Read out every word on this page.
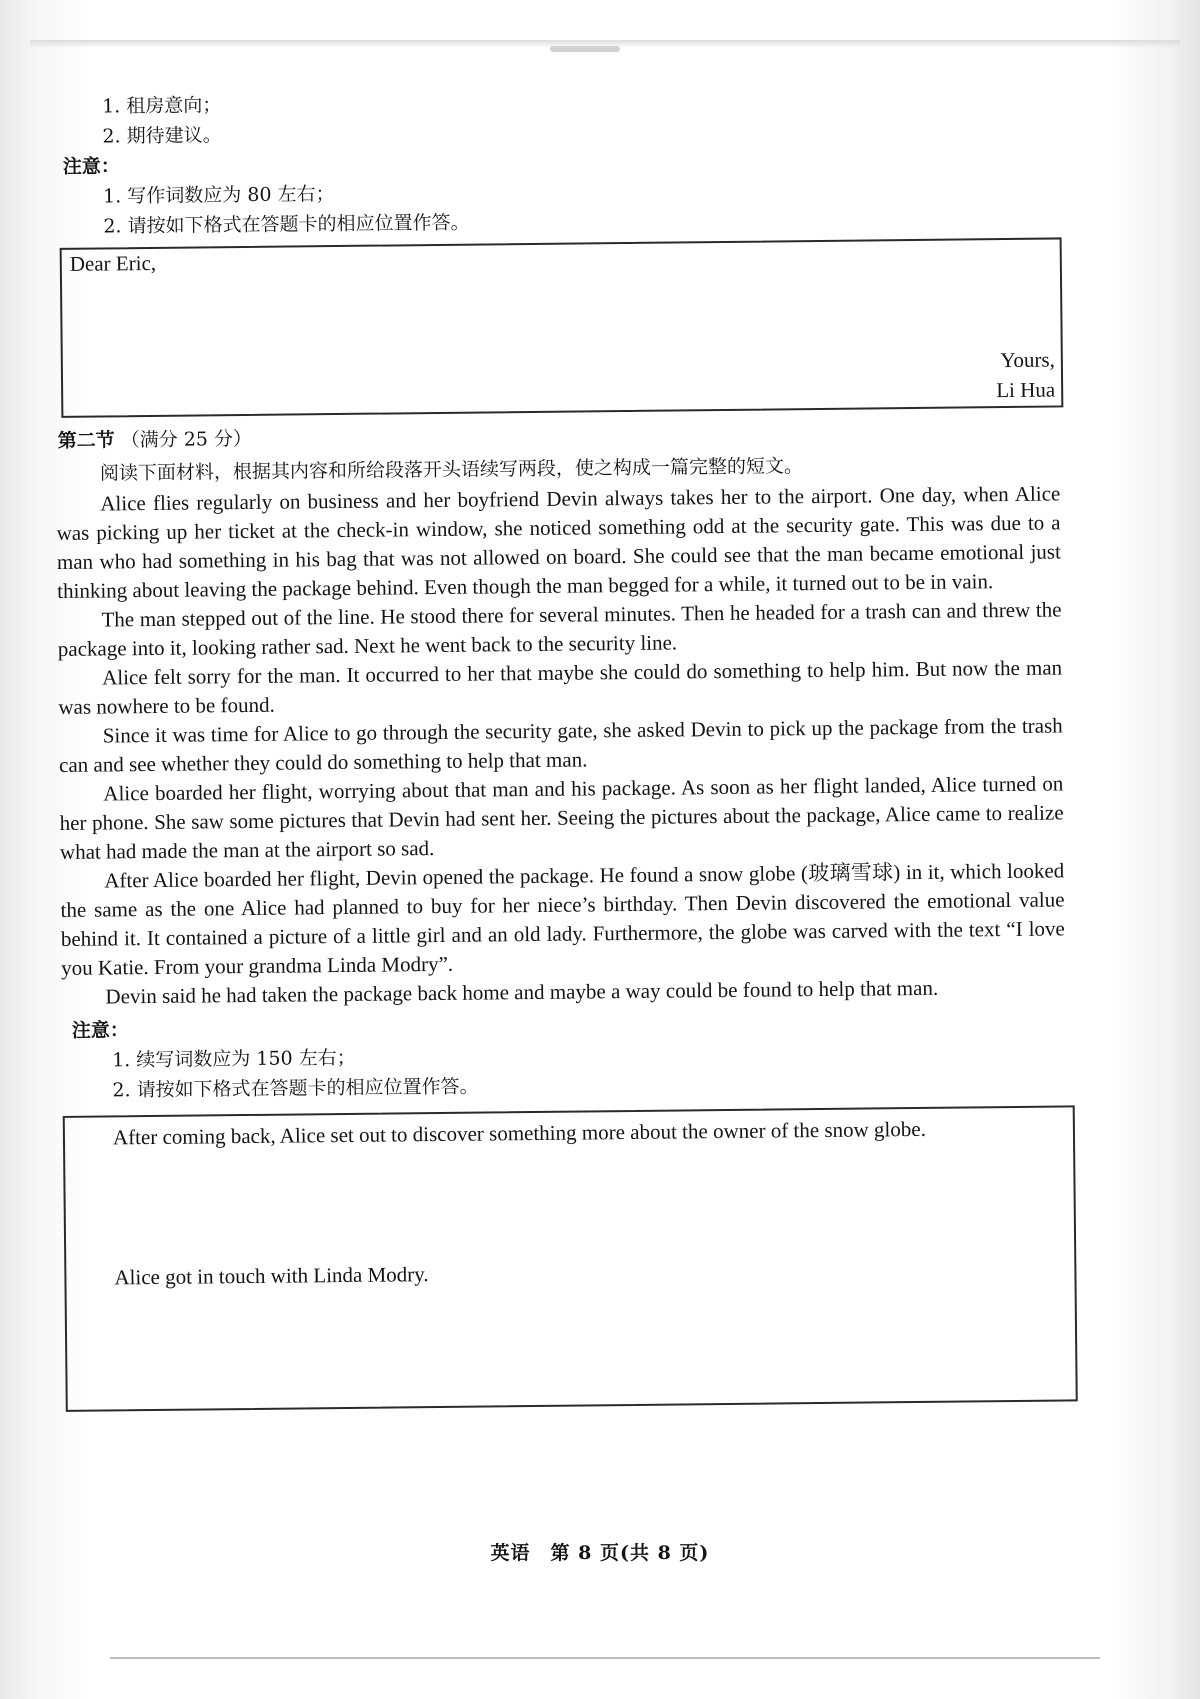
1. 租房意向；
2. 期待建议。
注意：
1. 写作词数应为 80 左右；
2. 请按如下格式在答题卡的相应位置作答。
Dear Eric,
Yours,
Li Hua
第二节 （满分 25 分）
阅读下面材料，根据其内容和所给段落开头语续写两段，使之构成一篇完整的短文。

Alice flies regularly on business and her boyfriend Devin always takes her to the airport. One day, when Alice was picking up her ticket at the check-in window, she noticed something odd at the security gate. This was due to a man who had something in his bag that was not allowed on board. She could see that the man became emotional just thinking about leaving the package behind. Even though the man begged for a while, it turned out to be in vain.

The man stepped out of the line. He stood there for several minutes. Then he headed for a trash can and threw the package into it, looking rather sad. Next he went back to the security line.

Alice felt sorry for the man. It occurred to her that maybe she could do something to help him. But now the man was nowhere to be found.

Since it was time for Alice to go through the security gate, she asked Devin to pick up the package from the trash can and see whether they could do something to help that man.

Alice boarded her flight, worrying about that man and his package. As soon as her flight landed, Alice turned on her phone. She saw some pictures that Devin had sent her. Seeing the pictures about the package, Alice came to realize what had made the man at the airport so sad.

After Alice boarded her flight, Devin opened the package. He found a snow globe (玻璃雪球) in it, which looked the same as the one Alice had planned to buy for her niece’s birthday. Then Devin discovered the emotional value behind it. It contained a picture of a little girl and an old lady. Furthermore, the globe was carved with the text “I love you Katie. From your grandma Linda Modry”.

Devin said he had taken the package back home and maybe a way could be found to help that man.

注意：
1. 续写词数应为 150 左右；
2. 请按如下格式在答题卡的相应位置作答。
After coming back, Alice set out to discover something more about the owner of the snow globe.
Alice got in touch with Linda Modry.
英语　第 8 页(共 8 页)
